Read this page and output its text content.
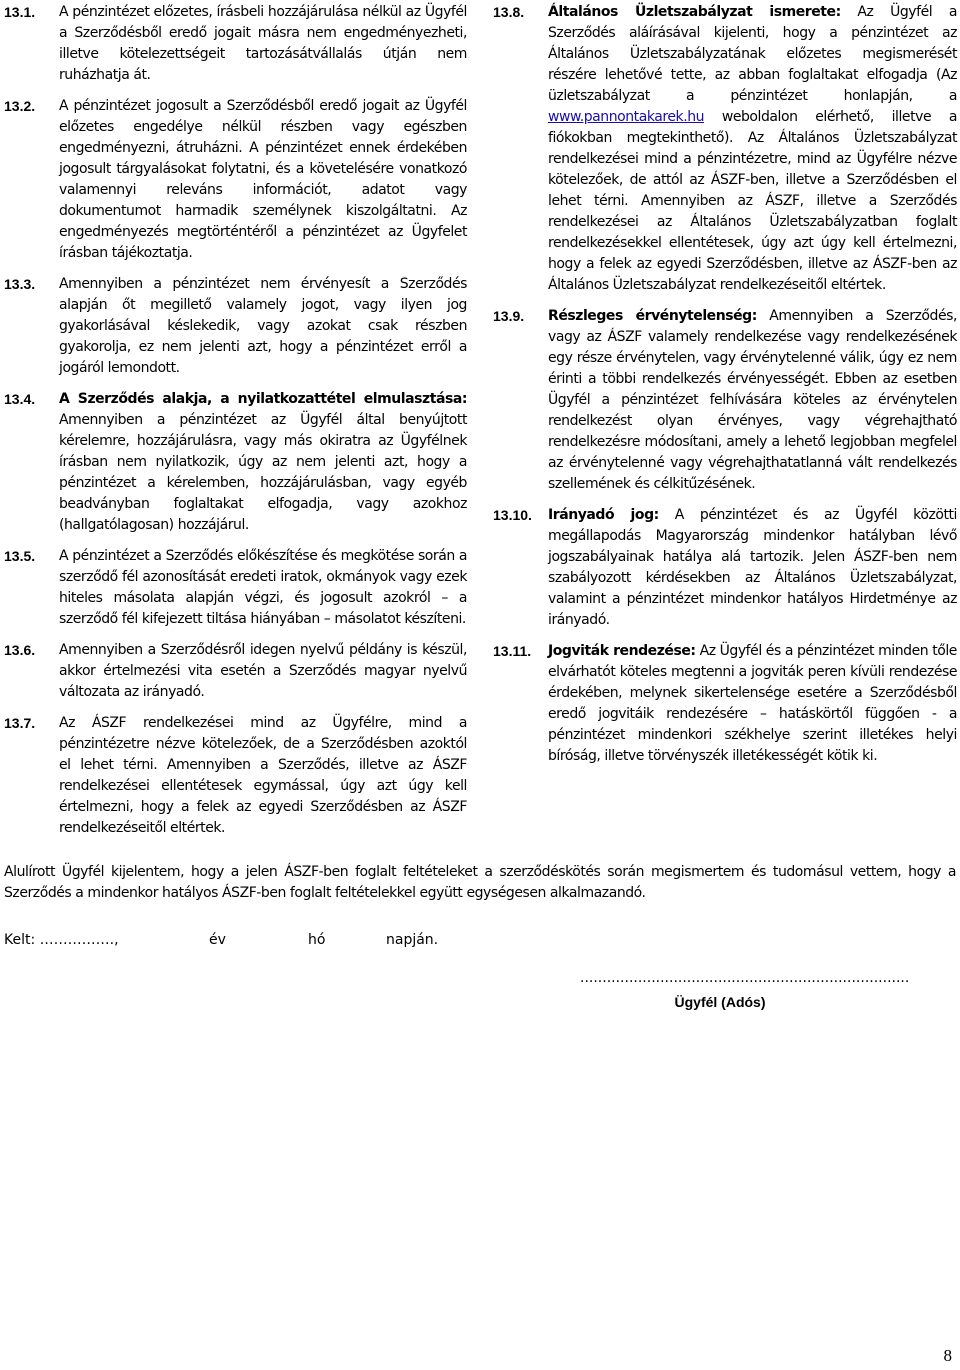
13.1.	A pénzintézet előzetes, írásbeli hozzájárulása nélkül az Ügyfél a Szerződésből eredő jogait másra nem engedményezheti, illetve kötelezettségeit tartozásátvállalás útján nem ruházhatja át.
13.2.	A pénzintézet jogosult a Szerződésből eredő jogait az Ügyfél előzetes engedélye nélkül részben vagy egészben engedményezni, átruházni. A pénzintézet ennek érdekében jogosult tárgyalásokat folytatni, és a követelésére vonatkozó valamennyi releváns információt, adatot vagy dokumentumot harmadik személynek kiszolgáltatni. Az engedményezés megtörténtéről a pénzintézet az Ügyfelet írásban tájékoztatja.
13.3.	Amennyiben a pénzintézet nem érvényesít a Szerződés alapján őt megillető valamely jogot, vagy ilyen jog gyakorlásával késlekedik, vagy azokat csak részben gyakorolja, ez nem jelenti azt, hogy a pénzintézet erről a jogáról lemondott.
13.4.	A Szerződés alakja, a nyilatkozattétel elmulasztása: Amennyiben a pénzintézet az Ügyfél által benyújtott kérelemre, hozzájárulásra, vagy más okiratra az Ügyfélnek írásban nem nyilatkozik, úgy az nem jelenti azt, hogy a pénzintézet a kérelemben, hozzájárulásban, vagy egyéb beadványban foglaltakat elfogadja, vagy azokhoz (hallgatólagosan) hozzájárul.
13.5.	A pénzintézet a Szerződés előkészítése és megkötése során a szerződő fél azonosítását eredeti iratok, okmányok vagy ezek hiteles másolata alapján végzi, és jogosult azokról – a szerződő fél kifejezett tiltása hiányában – másolatot készíteni.
13.6.	Amennyiben a Szerződésről idegen nyelvű példány is készül, akkor értelmezési vita esetén a Szerződés magyar nyelvű változata az irányadó.
13.7.	Az ÁSZF rendelkezései mind az Ügyfélre, mind a pénzintézetre nézve kötelezőek, de a Szerződésben azoktól el lehet térni. Amennyiben a Szerződés, illetve az ÁSZF rendelkezései ellentétesek egymással, úgy azt úgy kell értelmezni, hogy a felek az egyedi Szerződésben az ÁSZF rendelkezéseitől eltértek.
13.8.	Általános Üzletszabályzat ismerete: Az Ügyfél a Szerződés aláírásával kijelenti, hogy a pénzintézet az Általános Üzletszabályzatának előzetes megismerését részére lehetővé tette, az abban foglaltakat elfogadja (Az üzletszabályzat a pénzintézet honlapján, a www.pannontakarek.hu weboldalon elérhető, illetve a fiókokban megtekinthető). Az Általános Üzletszabályzat rendelkezései mind a pénzintézetre, mind az Ügyfélre nézve kötelezőek, de attól az ÁSZF-ben, illetve a Szerződésben el lehet térni. Amennyiben az ÁSZF, illetve a Szerződés rendelkezései az Általános Üzletszabályzatban foglalt rendelkezésekkel ellentétesek, úgy azt úgy kell értelmezni, hogy a felek az egyedi Szerződésben, illetve az ÁSZF-ben az Általános Üzletszabályzat rendelkezéseitől eltértek.
13.9.	Részleges érvénytelenség: Amennyiben a Szerződés, vagy az ÁSZF valamely rendelkezése vagy rendelkezésének egy része érvénytelen, vagy érvénytelenné válik, úgy ez nem érinti a többi rendelkezés érvényességét. Ebben az esetben Ügyfél a pénzintézet felhívására köteles az érvénytelen rendelkezést olyan érvényes, vagy végrehajtható rendelkezésre módosítani, amely a lehető legjobban megfelel az érvénytelenné vagy végrehajthatatlanná vált rendelkezés szellemének és célkitűzésének.
13.10.	Irányadó jog: A pénzintézet és az Ügyfél közötti megállapodás Magyarország mindenkor hatályban lévő jogszabályainak hatálya alá tartozik. Jelen ÁSZF-ben nem szabályozott kérdésekben az Általános Üzletszabályzat, valamint a pénzintézet mindenkor hatályos Hirdetménye az irányadó.
13.11.	Jogviták rendezése: Az Ügyfél és a pénzintézet minden tőle elvárhatót köteles megtenni a jogviták peren kívüli rendezése érdekében, melynek sikertelensége esetére a Szerződésből eredő jogvitáik rendezésére – hatáskörtől függően - a pénzintézet mindenkori székhelye szerint illetékes helyi bíróság, illetve törvényszék illetékességét kötik ki.
Alulírott Ügyfél kijelentem, hogy a jelen ÁSZF-ben foglalt feltételeket a szerződéskötés során megismertem és tudomásul vettem, hogy a Szerződés a mindenkor hatályos ÁSZF-ben foglalt feltételekkel együtt egységesen alkalmazandó.
Kelt: …………….,	év	hó	napján.
..........................................................................
Ügyfél (Adós)
8
